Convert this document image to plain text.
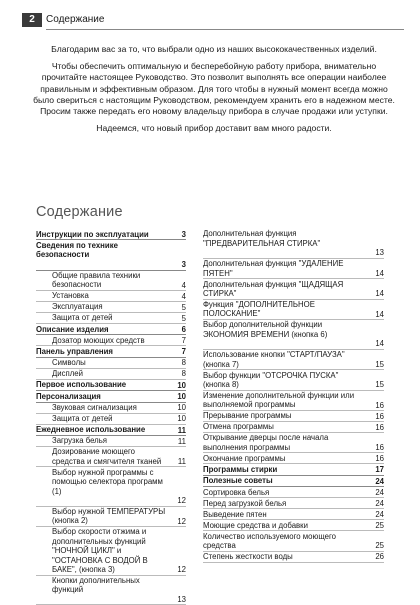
2	Содержание

Благодарим вас за то, что выбрали одно из наших высококачественных изделий.

Чтобы обеспечить оптимальную и бесперебойную работу прибора, внимательно прочитайте настоящее Руководство. Это позволит выполнять все операции наиболее правильным и эффективным образом. Для того чтобы в нужный момент всегда можно было свериться с настоящим Руководством, рекомендуем хранить его в надежном месте. Просим также передать его новому владельцу прибора в случае продажи или уступки.

Надеемся, что новый прибор доставит вам много радости.

Содержание
Инструкции по эксплуатации	3
Сведения по технике безопасности
3
Общие правила техники безопасности	4
Установка	4
Эксплуатация	5
Защита от детей	5
Описание изделия	6
Дозатор моющих средств	7
Панель управления	7
Символы	8
Дисплей	8
Первое использование	10
Персонализация	10
Звуковая сигнализация	10
Защита от детей	10
Ежедневное использование	11
Загрузка белья	11
Дозирование моющего средства и смягчителя тканей	11
Выбор нужной программы с помощью селектора программ (1)
12
Выбор нужной ТЕМПЕРАТУРЫ (кнопка 2)	12
Выбор скорости отжима и дополнительных функций "НОЧНОЙ ЦИКЛ" и "ОСТАНОВКА С ВОДОЙ В БАКЕ", (кнопка 3)	12
Кнопки дополнительных функций
13
Дополнительная функция "ПРЕДВАРИТЕЛЬНАЯ СТИРКА"
13
Дополнительная функция "УДАЛЕНИЕ ПЯТЕН"	14
Дополнительная функция "ЩАДЯЩАЯ СТИРКА"	14
Функция "ДОПОЛНИТЕЛЬНОЕ ПОЛОСКАНИЕ"	14
Выбор дополнительной функции ЭКОНОМИЯ ВРЕМЕНИ (кнопка 6)
14
Использование кнопки "СТАРТ/ПАУЗА" (кнопка 7)	15
Выбор функции "ОТСРОЧКА ПУСКА" (кнопка 8)	15
Изменение дополнительной функции или выполняемой программы	16
Прерывание программы	16
Отмена программы	16
Открывание дверцы после начала выполнения программы	16
Окончание программы	16
Программы стирки	17
Полезные советы	24
Сортировка белья	24
Перед загрузкой белья	24
Выведение пятен	24
Моющие средства и добавки	25
Количество используемого моющего средства	25
Степень жесткости воды	26
